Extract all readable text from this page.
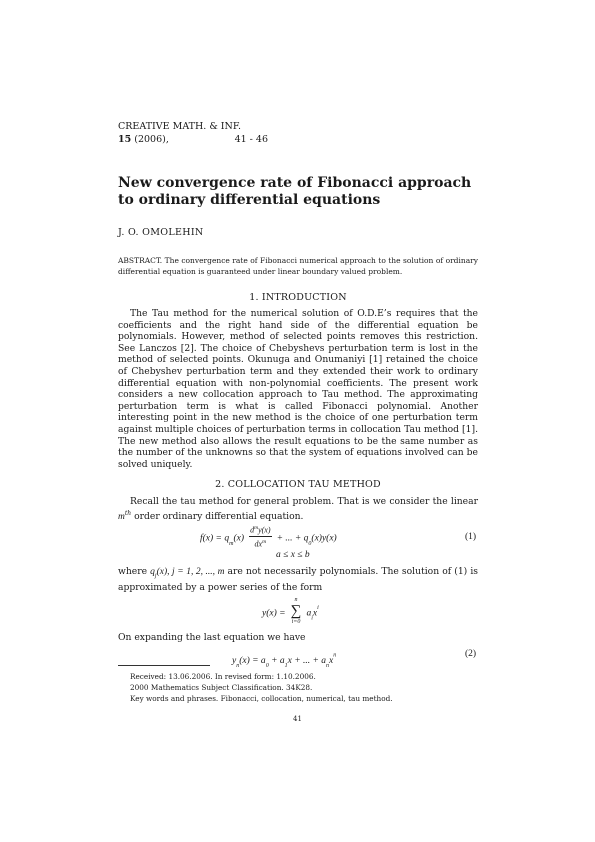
CREATIVE MATH. & INF.
15 (2006),	41 - 46
New convergence rate of Fibonacci approach to ordinary differential equations
J. O. OMOLEHIN
ABSTRACT. The convergence rate of Fibonacci numerical approach to the solution of ordinary differential equation is guaranteed under linear boundary valued problem.
1. INTRODUCTION
The Tau method for the numerical solution of O.D.E’s requires that the coefficients and the right hand side of the differential equation be polynomials. However, method of selected points removes this restriction. See Lanczos [2]. The choice of Chebyshevs perturbation term is lost in the method of selected points. Okunuga and Onumaniyi [1] retained the choice of Chebyshev perturbation term and they extended their work to ordinary differential equation with non-polynomial coefficients. The present work considers a new collocation approach to Tau method. The approximating perturbation term is what is called Fibonacci polynomial. Another interesting point in the new method is the choice of one perturbation term against multiple choices of perturbation terms in collocation Tau method [1]. The new method also allows the result equations to be the same number as the number of the unknowns so that the system of equations involved can be solved uniquely.
2. COLLOCATION TAU METHOD
Recall the tau method for general problem. That is we consider the linear $m^{th}$ order ordinary differential equation.
$f(x) = q_m(x) \frac{d^my(x)}{dx^m}$ + ... + $q_0(x)y(x)$	(1)
a ≤ x ≤ b
where $q_j(x)$, j = 1, 2, ..., m are not necessarily polynomials. The solution of (1) is approximated by a power series of the form
y(x) =
n
∑
i=0
$a_ix^i$
On expanding the last equation we have
$y_n(x) = a_0 + a_1x$ + ... + $a_nx^n$	(2)
Received: 13.06.2006. In revised form: 1.10.2006.
2000 Mathematics Subject Classification. 34K28.
Key words and phrases. Fibonacci, collocation, numerical, tau method.
41
